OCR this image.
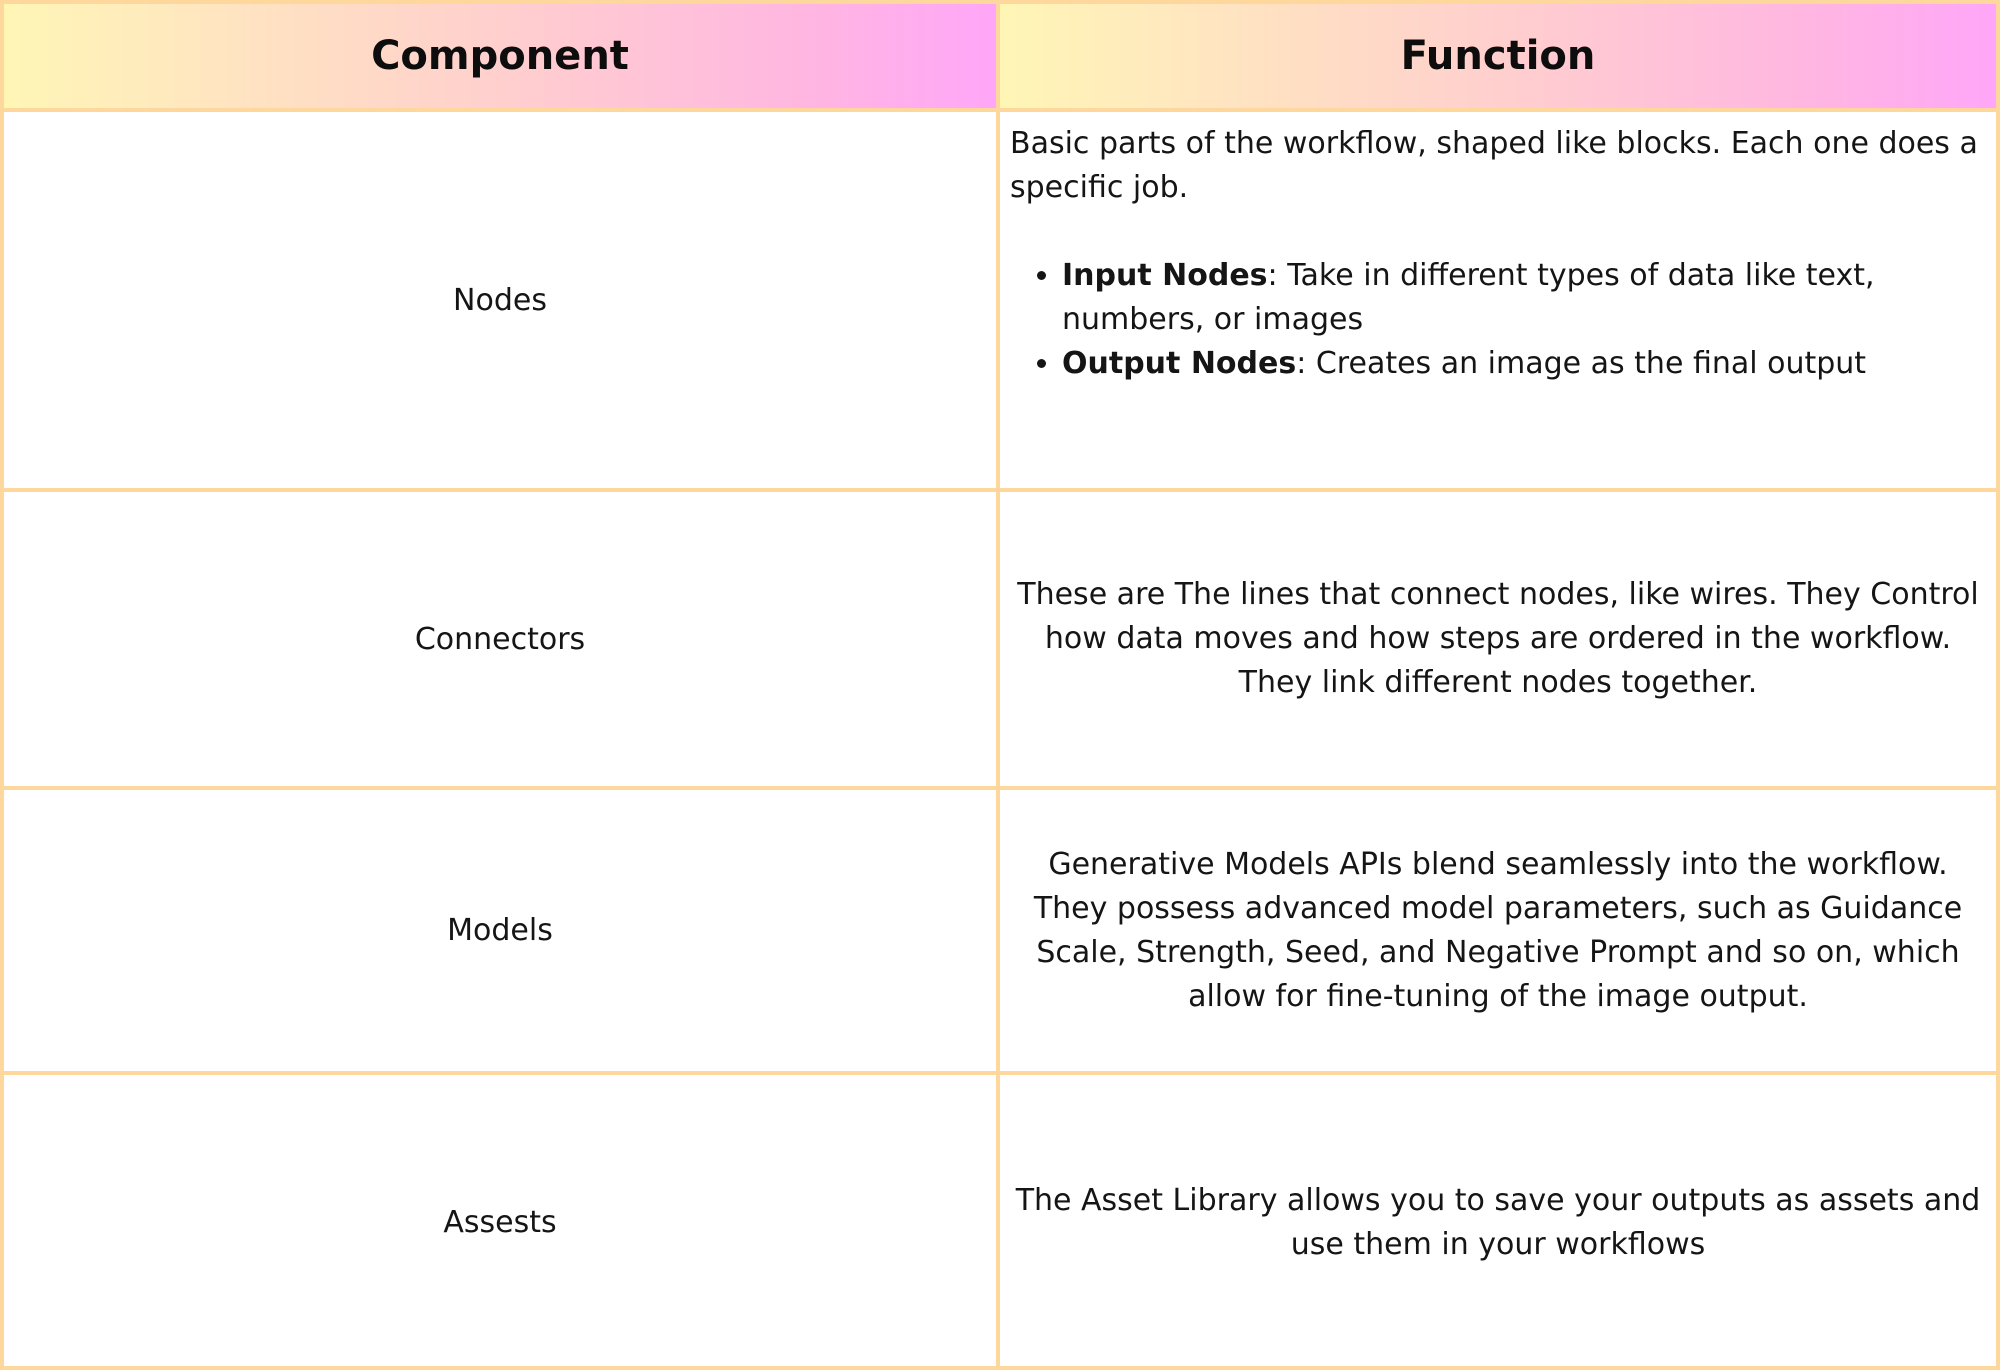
Component	Function
Nodes

Basic parts of the workflow, shaped like blocks. Each one does a specific job.

• Input Nodes: Take in different types of data like text, numbers, or images
• Output Nodes: Creates an image as the final output
Connectors
These are The lines that connect nodes, like wires. They Control how data moves and how steps are ordered in the workflow. They link different nodes together.
Models
Generative Models APIs blend seamlessly into the workflow. They possess advanced model parameters, such as Guidance Scale, Strength, Seed, and Negative Prompt and so on, which allow for fine-tuning of the image output.
Assests
The Asset Library allows you to save your outputs as assets and use them in your workflows
